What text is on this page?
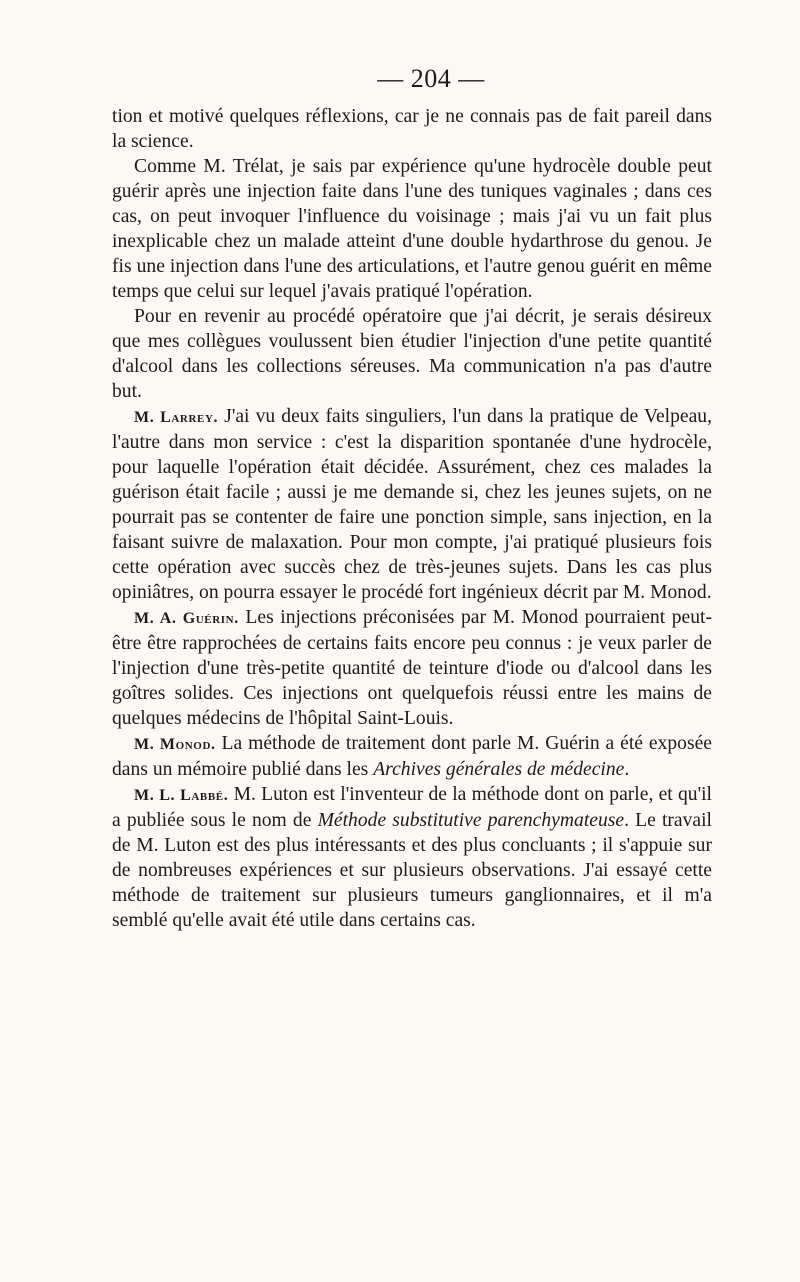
— 204 —

tion et motivé quelques réflexions, car je ne connais pas de fait pareil dans la science.

Comme M. Trélat, je sais par expérience qu'une hydrocèle double peut guérir après une injection faite dans l'une des tuniques vaginales ; dans ces cas, on peut invoquer l'influence du voisinage ; mais j'ai vu un fait plus inexplicable chez un malade atteint d'une double hydarthrose du genou. Je fis une injection dans l'une des articulations, et l'autre genou guérit en même temps que celui sur lequel j'avais pratiqué l'opération.

Pour en revenir au procédé opératoire que j'ai décrit, je serais désireux que mes collègues voulussent bien étudier l'injection d'une petite quantité d'alcool dans les collections séreuses. Ma communication n'a pas d'autre but.

M. Larrey. J'ai vu deux faits singuliers, l'un dans la pratique de Velpeau, l'autre dans mon service : c'est la disparition spontanée d'une hydrocèle, pour laquelle l'opération était décidée. Assurément, chez ces malades la guérison était facile ; aussi je me demande si, chez les jeunes sujets, on ne pourrait pas se contenter de faire une ponction simple, sans injection, en la faisant suivre de malaxation. Pour mon compte, j'ai pratiqué plusieurs fois cette opération avec succès chez de très-jeunes sujets. Dans les cas plus opiniâtres, on pourra essayer le procédé fort ingénieux décrit par M. Monod.

M. A. Guérin. Les injections préconisées par M. Monod pourraient peut-être être rapprochées de certains faits encore peu connus : je veux parler de l'injection d'une très-petite quantité de teinture d'iode ou d'alcool dans les goîtres solides. Ces injections ont quelquefois réussi entre les mains de quelques médecins de l'hôpital Saint-Louis.

M. Monod. La méthode de traitement dont parle M. Guérin a été exposée dans un mémoire publié dans les Archives générales de médecine.

M. L. Labbé. M. Luton est l'inventeur de la méthode dont on parle, et qu'il a publiée sous le nom de Méthode substitutive parenchymateuse. Le travail de M. Luton est des plus intéressants et des plus concluants ; il s'appuie sur de nombreuses expériences et sur plusieurs observations. J'ai essayé cette méthode de traitement sur plusieurs tumeurs ganglionnaires, et il m'a semblé qu'elle avait été utile dans certains cas.
